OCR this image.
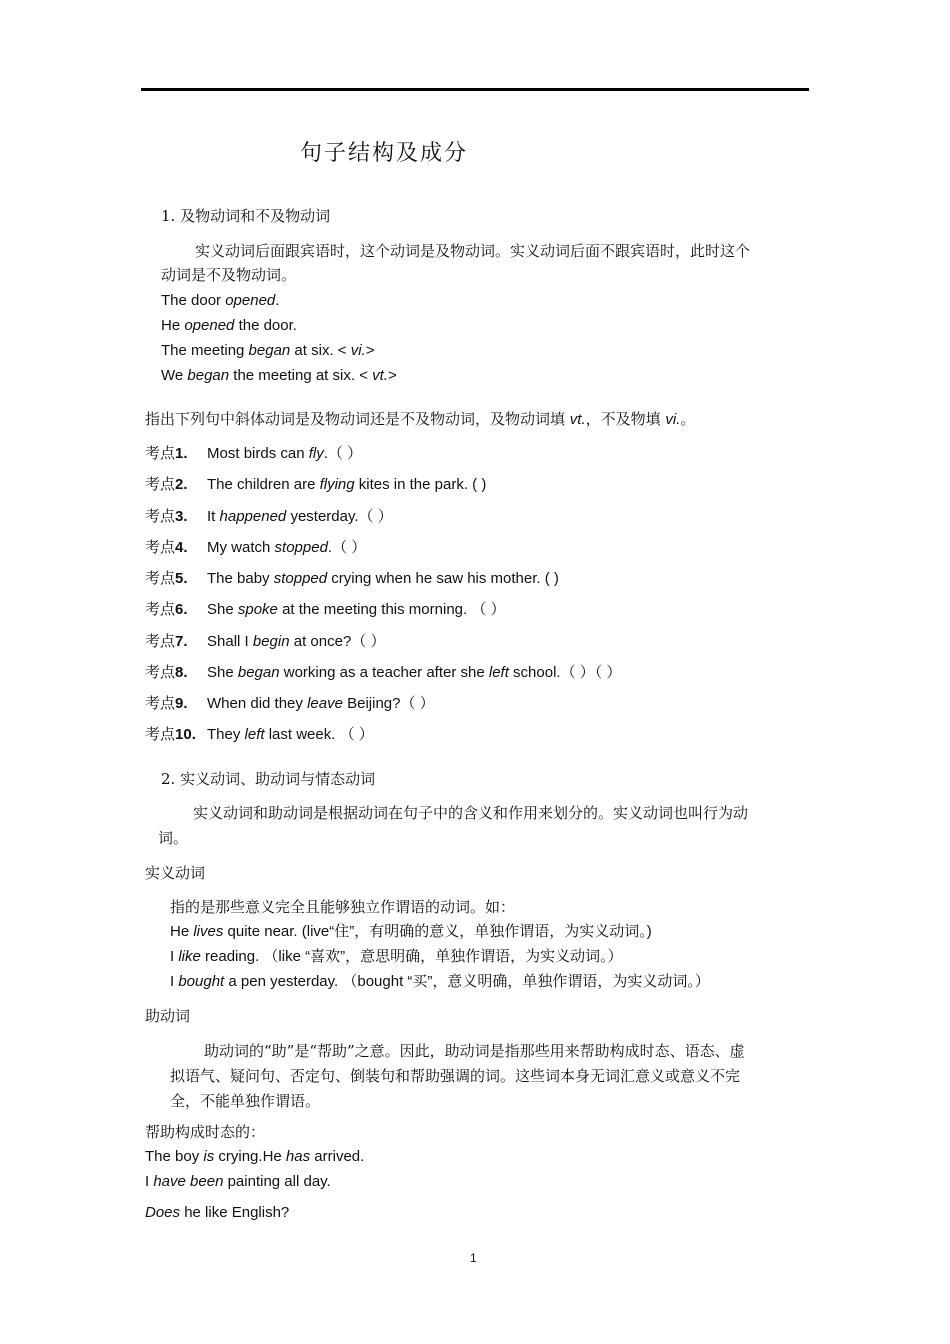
句子结构及成分
1. 及物动词和不及物动词
实义动词后面跟宾语时，这个动词是及物动词。实义动词后面不跟宾语时，此时这个
动词是不及物动词。
The door opened.
He opened the door.
The meeting began at six. < vi.>
We began the meeting at six. < vt.>
指出下列句中斜体动词是及物动词还是不及物动词，及物动词填 vt.，不及物填 vi.。
考点1. Most birds can fly.（ ）
考点2. The children are flying kites in the park. ( )
考点3. It happened yesterday.（ ）
考点4. My watch stopped.（ ）
考点5. The baby stopped crying when he saw his mother. ( )
考点6. She spoke at the meeting this morning. （ ）
考点7. Shall I begin at once?（ ）
考点8. She began working as a teacher after she left school.（ ）（ ）
考点9. When did they leave Beijing?（ ）
考点10. They left last week. （ ）
2. 实义动词、助动词与情态动词
实义动词和助动词是根据动词在句子中的含义和作用来划分的。实义动词也叫行为动
词。
实义动词
指的是那些意义完全且能够独立作谓语的动词。如：
He lives quite near. (live“住”，有明确的意义，单独作谓语，为实义动词。)
I like reading. （like “喜欢”，意思明确，单独作谓语，为实义动词。）
I bought a pen yesterday. （bought “买”，意义明确，单独作谓语，为实义动词。）
助动词
助动词的“助”是“帮助”之意。因此，助动词是指那些用来帮助构成时态、语态、虚
拟语气、疑问句、否定句、倒装句和帮助强调的词。这些词本身无词汇意义或意义不完
全，不能单独作谓语。
帮助构成时态的：
The boy is crying.He has arrived.
I have been painting all day.
Does he like English?
1
